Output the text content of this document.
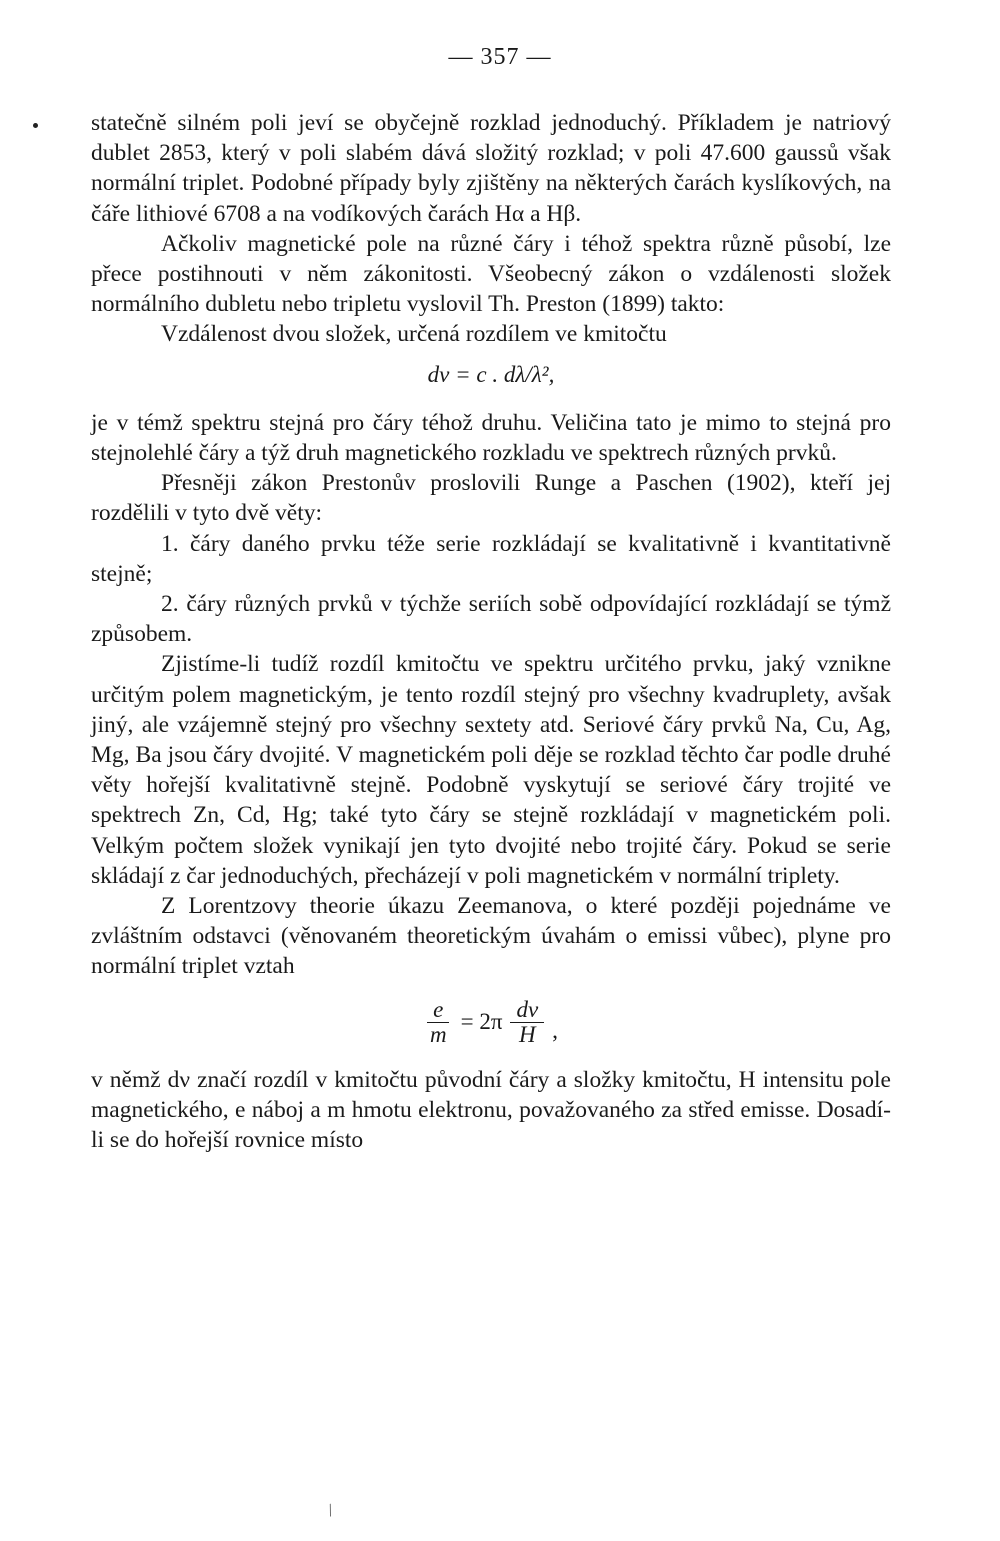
— 357 —

statečně silném poli jeví se obyčejně rozklad jednoduchý. Příkladem je natriový dublet 2853, který v poli slabém dává složitý rozklad; v poli 47.600 gaussů však normální triplet. Podobné případy byly zjištěny na některých čarách kyslíkových, na čáře lithiové 6708 a na vodíkových čarách Hα a Hβ.

Ačkoliv magnetické pole na různé čáry i téhož spektra různě působí, lze přece postihnouti v něm zákonitosti. Všeobecný zákon o vzdálenosti složek normálního dubletu nebo tripletu vyslovil Th. Preston (1899) takto:

Vzdálenost dvou složek, určená rozdílem ve kmitočtu

dν = c . dλ/λ²,

je v témž spektru stejná pro čáry téhož druhu. Veličina tato je mimo to stejná pro stejnolehlé čáry a týž druh magnetického rozkladu ve spektrech různých prvků.

Přesněji zákon Prestonův proslovili Runge a Paschen (1902), kteří jej rozdělili v tyto dvě věty:

1. čáry daného prvku téže serie rozkládají se kvalitativně i kvantitativně stejně;

2. čáry různých prvků v týchže seriích sobě odpovídající rozkládají se týmž způsobem.

Zjistíme-li tudíž rozdíl kmitočtu ve spektru určitého prvku, jaký vznikne určitým polem magnetickým, je tento rozdíl stejný pro všechny kvadruplety, avšak jiný, ale vzájemně stejný pro všechny sextety atd. Seriové čáry prvků Na, Cu, Ag, Mg, Ba jsou čáry dvojité. V magnetickém poli děje se rozklad těchto čar podle druhé věty hořejší kvalitativně stejně. Podobně vyskytují se seriové čáry trojité ve spektrech Zn, Cd, Hg; také tyto čáry se stejně rozkládají v magnetickém poli. Velkým počtem složek vynikají jen tyto dvojité nebo trojité čáry. Pokud se serie skládají z čar jednoduchých, přecházejí v poli magnetickém v normální triplety.

Z Lorentzovy theorie úkazu Zeemanova, o které později pojednáme ve zvláštním odstavci (věnovaném theoretickým úvahám o emissi vůbec), plyne pro normální triplet vztah

$\frac{e}{m} = 2\pi \frac{d\nu}{H}$ ,

v němž dν značí rozdíl v kmitočtu původní čáry a složky kmitočtu, H intensitu pole magnetického, e náboj a m hmotu elektronu, považovaného za střed emisse. Dosadí-li se do hořejší rovnice místo

/
